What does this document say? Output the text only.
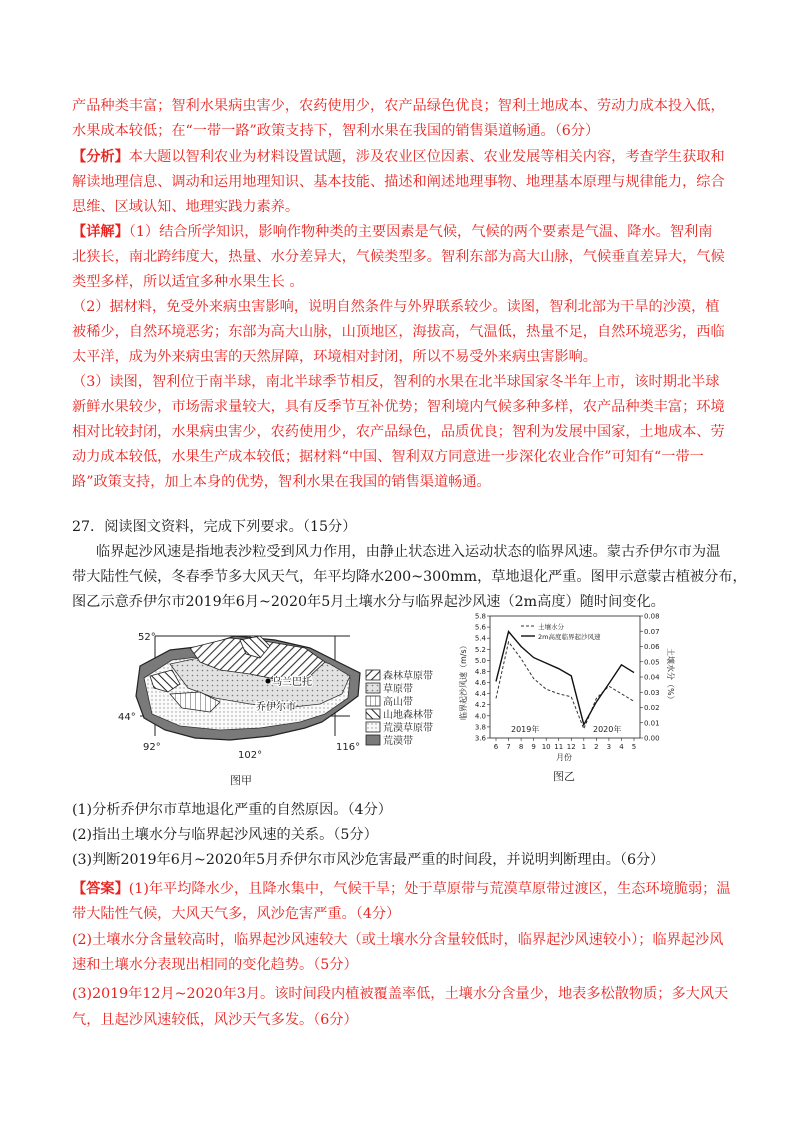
产品种类丰富；智利水果病虫害少，农药使用少，农产品绿色优良；智利土地成本、劳动力成本投入低，
水果成本较低；在“一带一路”政策支持下，智利水果在我国的销售渠道畅通。（6分）
【分析】本大题以智利农业为材料设置试题，涉及农业区位因素、农业发展等相关内容，考查学生获取和
解读地理信息、调动和运用地理知识、基本技能、描述和阐述地理事物、地理基本原理与规律能力，综合
思维、区域认知、地理实践力素养。
【详解】（1）结合所学知识，影响作物种类的主要因素是气候，气候的两个要素是气温、降水。智利南
北狭长，南北跨纬度大，热量、水分差异大，气候类型多。智利东部为高大山脉，气候垂直差异大，气候
类型多样，所以适宜多种水果生长 。
（2）据材料，免受外来病虫害影响，说明自然条件与外界联系较少。读图，智利北部为干旱的沙漠，植
被稀少，自然环境恶劣；东部为高大山脉，山顶地区，海拔高，气温低，热量不足，自然环境恶劣，西临
太平洋，成为外来病虫害的天然屏障，环境相对封闭，所以不易受外来病虫害影响。
（3）读图，智利位于南半球，南北半球季节相反，智利的水果在北半球国家冬半年上市，该时期北半球
新鲜水果较少，市场需求量较大，具有反季节互补优势；智利境内气候多种多样，农产品种类丰富；环境
相对比较封闭，水果病虫害少，农药使用少，农产品绿色，品质优良；智利为发展中国家，土地成本、劳
动力成本较低，水果生产成本较低；据材料“中国、智利双方同意进一步深化农业合作”可知有“一带一
路”政策支持，加上本身的优势，智利水果在我国的销售渠道畅通。
27．阅读图文资料，完成下列要求。（15分）
临界起沙风速是指地表沙粒受到风力作用，由静止状态进入运动状态的临界风速。蒙古乔伊尔市为温
带大陆性气候，冬春季节多大风天气，年平均降水200~300mm，草地退化严重。图甲示意蒙古植被分布，
图乙示意乔伊尔市2019年6月~2020年5月土壤水分与临界起沙风速（2m高度）随时间变化。
52°
44°
92°
102°
116°
乌兰巴托
乔伊尔市
森林草原带
草原带
高山带
山地森林带
荒漠草原带
荒漠带
图甲
3.6
3.8
4.0
4.2
4.4
4.6
4.8
5.0
5.2
5.4
5.6
5.8
0.00
0.01
0.02
0.03
0.04
0.05
0.06
0.07
0.08
6 7 8 9 10 11 12 1 2 3 4 5
临界起沙风速（m/s）	土壤水分（%）
2019年	2020年
月份
土壤水分
2m高度临界起沙风速
图乙
(1)分析乔伊尔市草地退化严重的自然原因。（4分）
(2)指出土壤水分与临界起沙风速的关系。（5分）
(3)判断2019年6月~2020年5月乔伊尔市风沙危害最严重的时间段，并说明判断理由。（6分）
【答案】(1)年平均降水少，且降水集中，气候干旱；处于草原带与荒漠草原带过渡区，生态环境脆弱；温
带大陆性气候，大风天气多，风沙危害严重。（4分）
(2)土壤水分含量较高时，临界起沙风速较大（或土壤水分含量较低时，临界起沙风速较小）；临界起沙风
速和土壤水分表现出相同的变化趋势。（5分）
(3)2019年12月~2020年3月。该时间段内植被覆盖率低，土壤水分含量少，地表多松散物质；多大风天
气，且起沙风速较低，风沙天气多发。（6分）
